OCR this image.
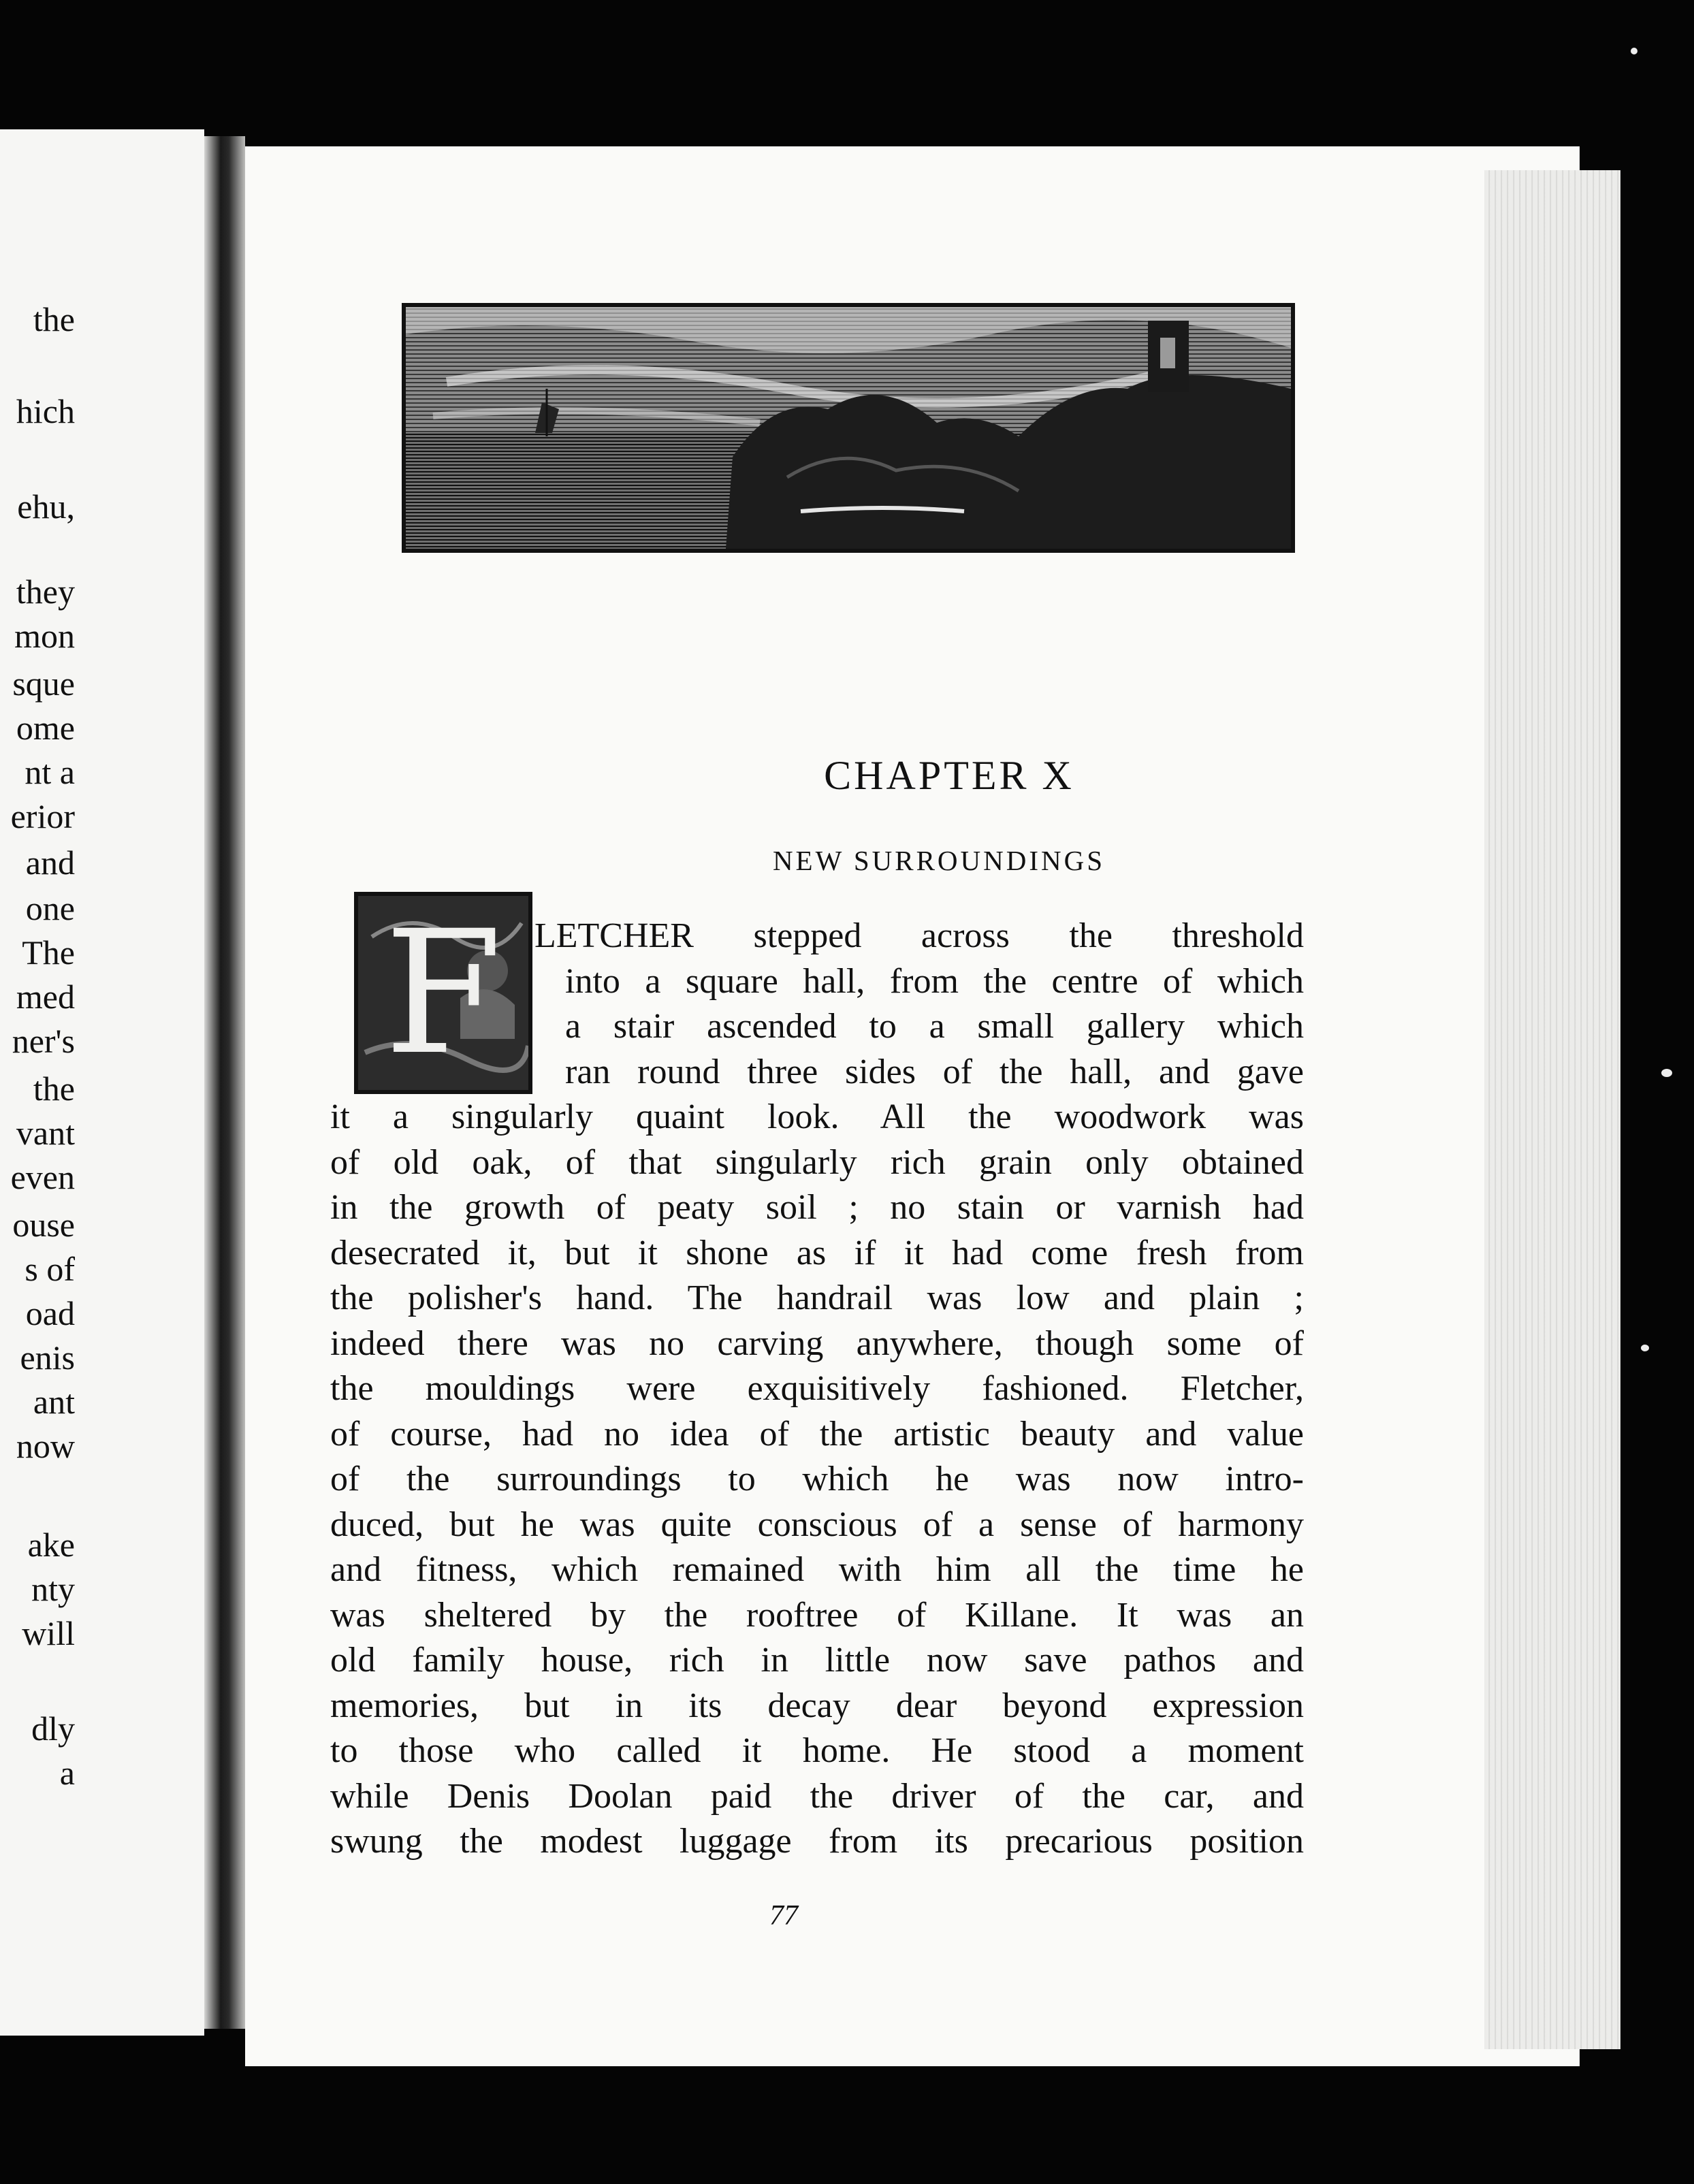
the
hich
ehu,
they
mon
sque
ome
nt a
erior
and
one
The
med
ner's
the
vant
even
ouse
s of
oad
enis
ant
now
ake
nty
will
dly
a
CHAPTER X
NEW SURROUNDINGS
F LETCHER stepped across the threshold
into a square hall, from the centre of which
a stair ascended to a small gallery which
ran round three sides of the hall, and gave
it a singularly quaint look. All the woodwork was
of old oak, of that singularly rich grain only obtained
in the growth of peaty soil ; no stain or varnish had
desecrated it, but it shone as if it had come fresh from
the polisher's hand. The handrail was low and plain ;
indeed there was no carving anywhere, though some of
the mouldings were exquisitively fashioned. Fletcher,
of course, had no idea of the artistic beauty and value
of the surroundings to which he was now intro-
duced, but he was quite conscious of a sense of harmony
and fitness, which remained with him all the time he
was sheltered by the rooftree of Killane. It was an
old family house, rich in little now save pathos and
memories, but in its decay dear beyond expression
to those who called it home. He stood a moment
while Denis Doolan paid the driver of the car, and
swung the modest luggage from its precarious position
77
